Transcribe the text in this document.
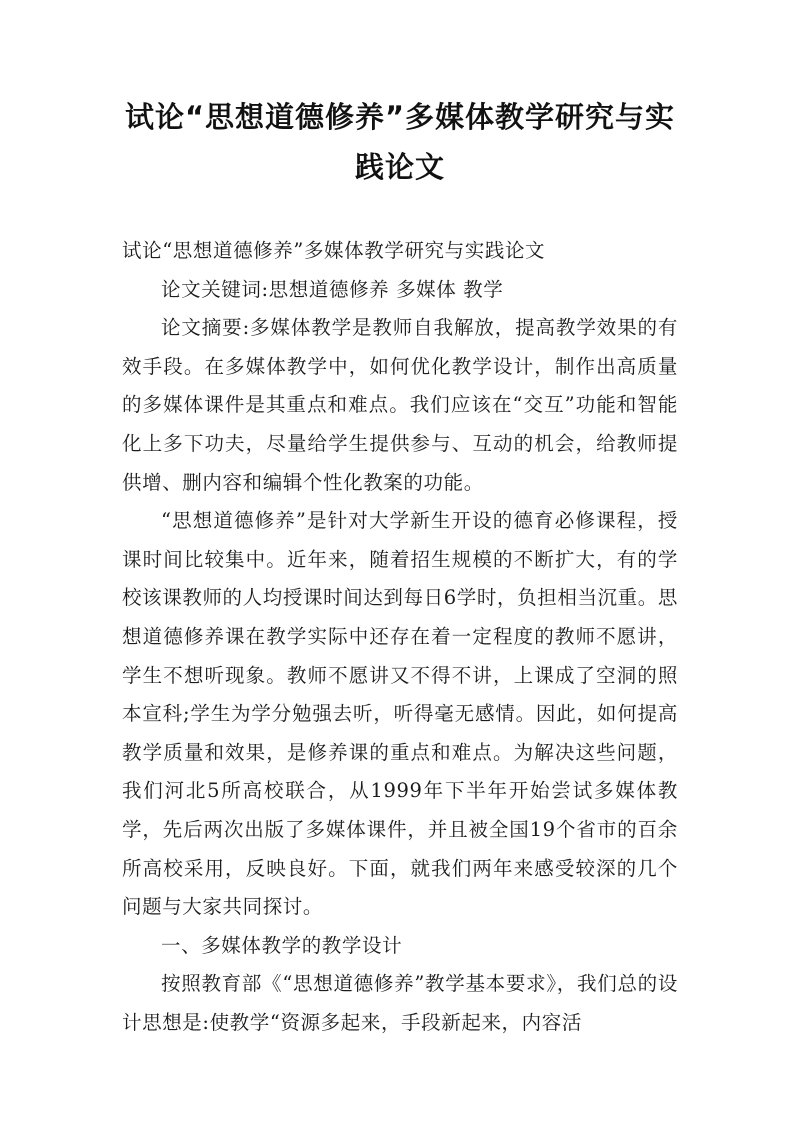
试论“思想道德修养”多媒体教学研究与实践论文

试论“思想道德修养”多媒体教学研究与实践论文

论文关键词:思想道德修养 多媒体 教学

论文摘要:多媒体教学是教师自我解放，提高教学效果的有效手段。在多媒体教学中，如何优化教学设计，制作出高质量的多媒体课件是其重点和难点。我们应该在“交互”功能和智能化上多下功夫，尽量给学生提供参与、互动的机会，给教师提供增、删内容和编辑个性化教案的功能。

“思想道德修养”是针对大学新生开设的德育必修课程，授课时间比较集中。近年来，随着招生规模的不断扩大，有的学校该课教师的人均授课时间达到每日6学时，负担相当沉重。思想道德修养课在教学实际中还存在着一定程度的教师不愿讲，学生不想听现象。教师不愿讲又不得不讲，上课成了空洞的照本宣科;学生为学分勉强去听，听得毫无感情。因此，如何提高教学质量和效果，是修养课的重点和难点。为解决这些问题，我们河北5所高校联合，从1999年下半年开始尝试多媒体教学，先后两次出版了多媒体课件，并且被全国19个省市的百余所高校采用，反映良好。下面，就我们两年来感受较深的几个问题与大家共同探讨。

一、多媒体教学的教学设计

按照教育部《“思想道德修养”教学基本要求》，我们总的设计思想是:使教学“资源多起来，手段新起来，内容活
